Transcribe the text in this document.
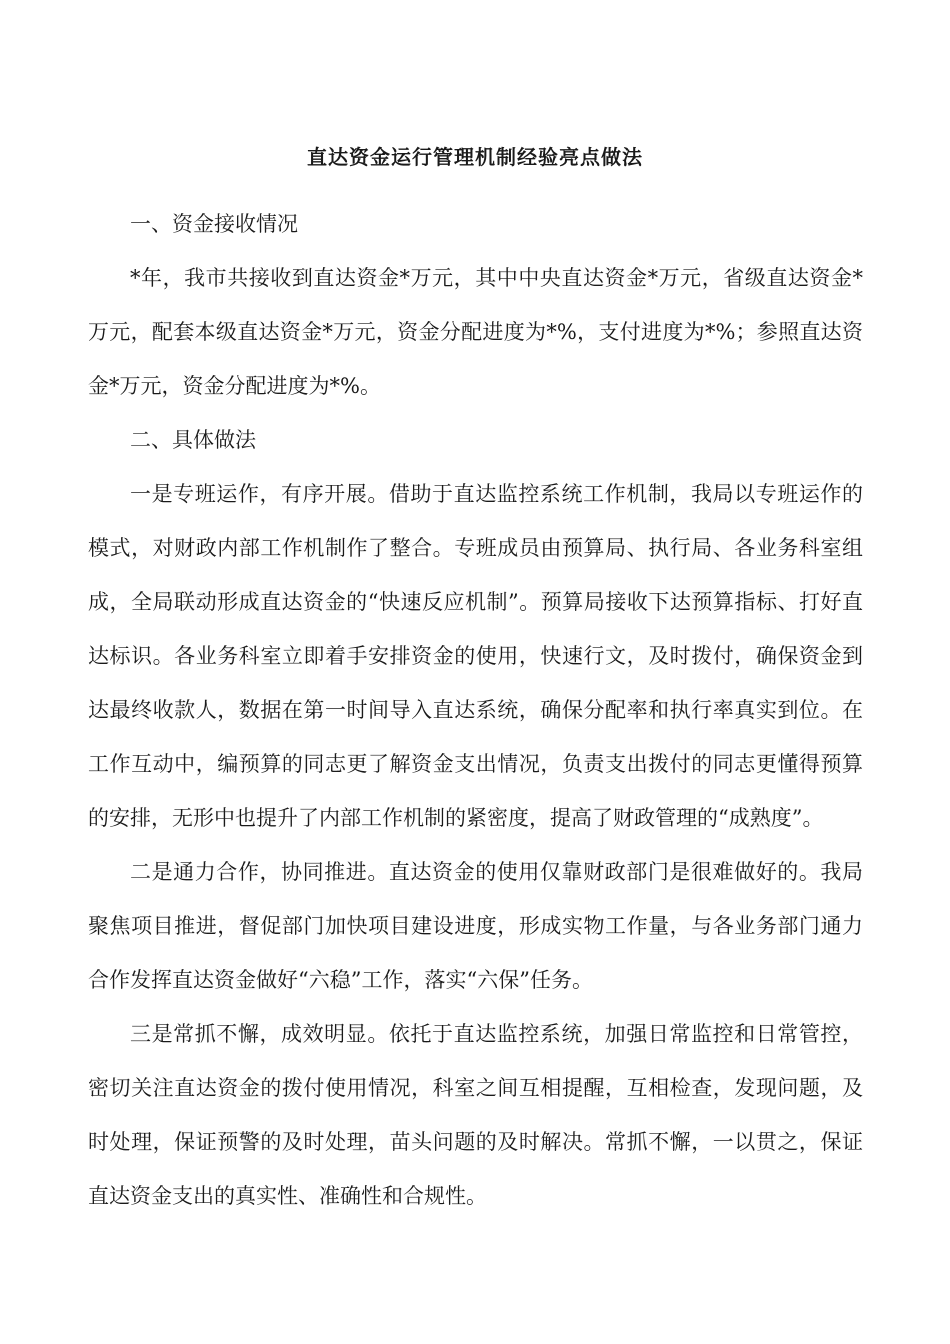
直达资金运行管理机制经验亮点做法

一、资金接收情况

*年，我市共接收到直达资金*万元，其中中央直达资金*万元，省级直达资金*万元，配套本级直达资金*万元，资金分配进度为*%，支付进度为*%；参照直达资金*万元，资金分配进度为*%。

二、具体做法

一是专班运作，有序开展。借助于直达监控系统工作机制，我局以专班运作的模式，对财政内部工作机制作了整合。专班成员由预算局、执行局、各业务科室组成，全局联动形成直达资金的“快速反应机制”。预算局接收下达预算指标、打好直达标识。各业务科室立即着手安排资金的使用，快速行文，及时拨付，确保资金到达最终收款人，数据在第一时间导入直达系统，确保分配率和执行率真实到位。在工作互动中，编预算的同志更了解资金支出情况，负责支出拨付的同志更懂得预算的安排，无形中也提升了内部工作机制的紧密度，提高了财政管理的“成熟度”。

二是通力合作，协同推进。直达资金的使用仅靠财政部门是很难做好的。我局聚焦项目推进，督促部门加快项目建设进度，形成实物工作量，与各业务部门通力合作发挥直达资金做好“六稳”工作，落实“六保”任务。

三是常抓不懈，成效明显。依托于直达监控系统，加强日常监控和日常管控，密切关注直达资金的拨付使用情况，科室之间互相提醒，互相检查，发现问题，及时处理，保证预警的及时处理，苗头问题的及时解决。常抓不懈，一以贯之，保证直达资金支出的真实性、准确性和合规性。
